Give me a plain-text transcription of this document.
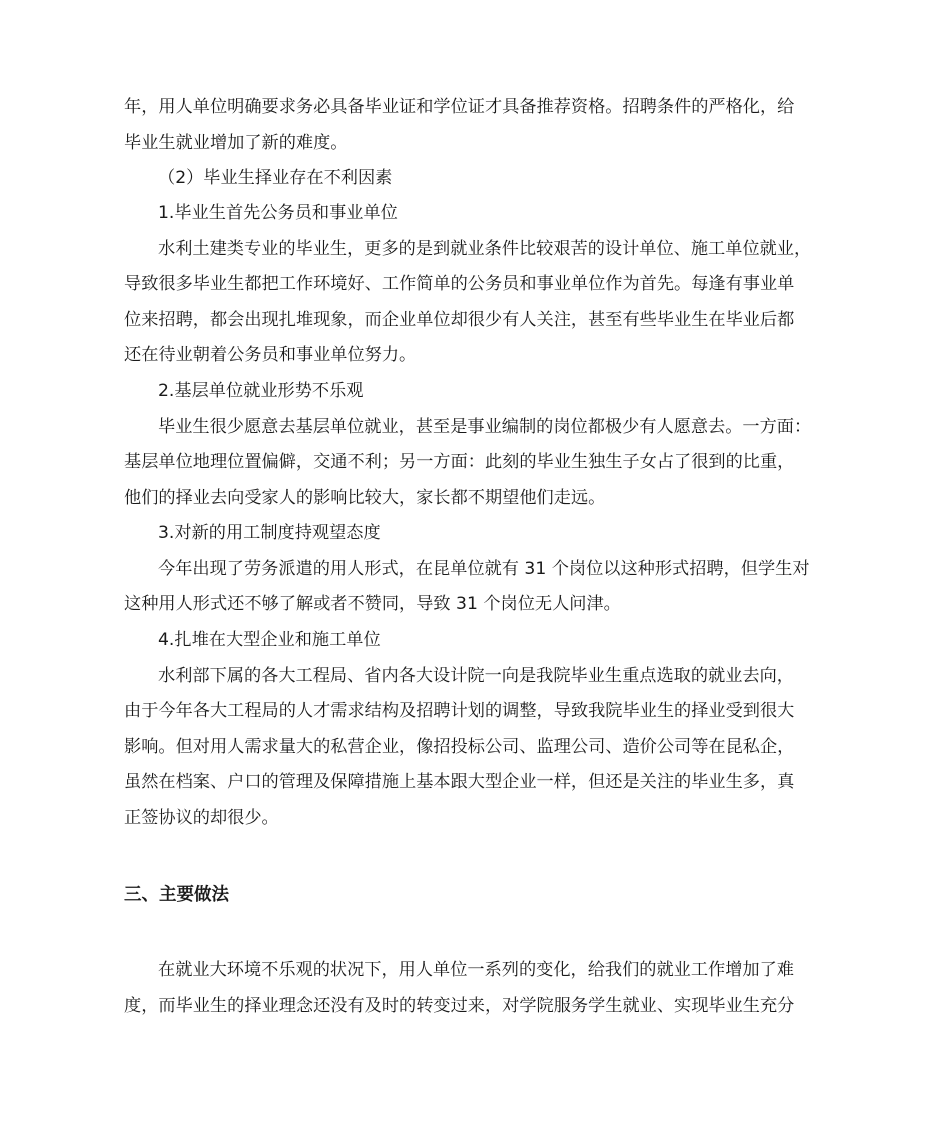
年，用人单位明确要求务必具备毕业证和学位证才具备推荐资格。招聘条件的严格化，给
毕业生就业增加了新的难度。

（2）毕业生择业存在不利因素

1.毕业生首先公务员和事业单位
水利土建类专业的毕业生，更多的是到就业条件比较艰苦的设计单位、施工单位就业，
导致很多毕业生都把工作环境好、工作简单的公务员和事业单位作为首先。每逢有事业单
位来招聘，都会出现扎堆现象，而企业单位却很少有人关注，甚至有些毕业生在毕业后都
还在待业朝着公务员和事业单位努力。

2.基层单位就业形势不乐观
毕业生很少愿意去基层单位就业，甚至是事业编制的岗位都极少有人愿意去。一方面：
基层单位地理位置偏僻，交通不利；另一方面：此刻的毕业生独生子女占了很到的比重，
他们的择业去向受家人的影响比较大，家长都不期望他们走远。

3.对新的用工制度持观望态度
今年出现了劳务派遣的用人形式，在昆单位就有 31 个岗位以这种形式招聘，但学生对
这种用人形式还不够了解或者不赞同，导致 31 个岗位无人问津。

4.扎堆在大型企业和施工单位
水利部下属的各大工程局、省内各大设计院一向是我院毕业生重点选取的就业去向，
由于今年各大工程局的人才需求结构及招聘计划的调整，导致我院毕业生的择业受到很大
影响。但对用人需求量大的私营企业，像招投标公司、监理公司、造价公司等在昆私企，
虽然在档案、户口的管理及保障措施上基本跟大型企业一样，但还是关注的毕业生多，真
正签协议的却很少。

三、主要做法

在就业大环境不乐观的状况下，用人单位一系列的变化，给我们的就业工作增加了难
度，而毕业生的择业理念还没有及时的转变过来，对学院服务学生就业、实现毕业生充分
